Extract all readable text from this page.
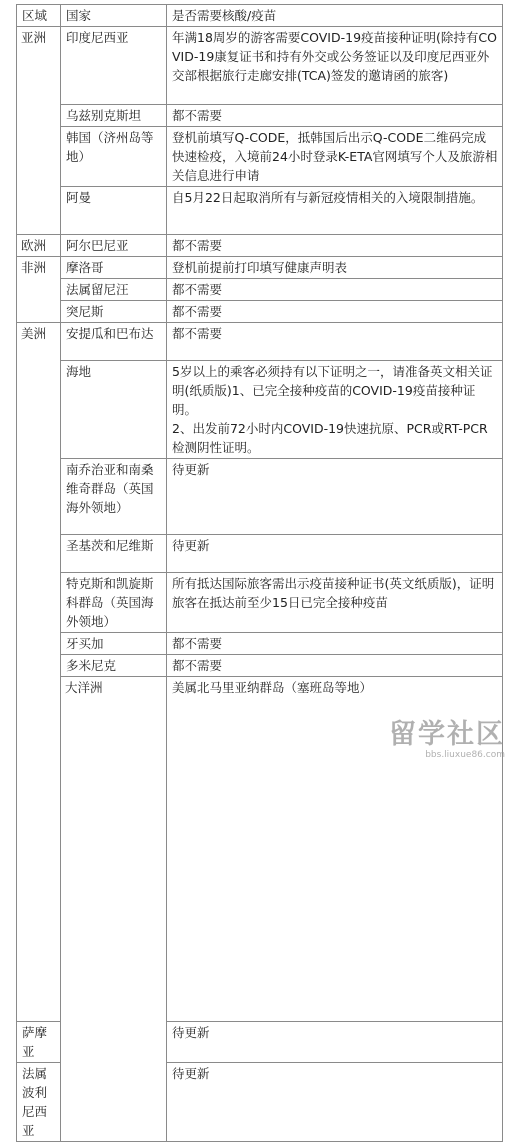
区域	国家	是否需要核酸/疫苗	
亚洲	印度尼西亚	年满18周岁的游客需要COVID-19疫苗接种证明(除持有COVID-19康复证书和持有外交或公务签证以及印度尼西亚外交部根据旅行走廊安排(TCA)签发的邀请函的旅客)	
	乌兹别克斯坦	都不需要	
	韩国（济州岛等地）	登机前填写Q-CODE，抵韩国后出示Q-CODE二维码完成快速检疫，入境前24小时登录K-ETA官网填写个人及旅游相关信息进行申请	
	阿曼	自5月22日起取消所有与新冠疫情相关的入境限制措施。	
欧洲	阿尔巴尼亚	都不需要	
非洲	摩洛哥	登机前提前打印填写健康声明表	
	法属留尼汪	都不需要	
	突尼斯	都不需要	
美洲	安提瓜和巴布达	都不需要	
	海地	5岁以上的乘客必须持有以下证明之一，请准备英文相关证明(纸质版)1、已完全接种疫苗的COVID-19疫苗接种证明。
2、出发前72小时内COVID-19快速抗原、PCR或RT-PCR检测阴性证明。	
	南乔治亚和南桑维奇群岛（英国海外领地）	待更新	
	圣基茨和尼维斯	待更新	
	特克斯和凯旋斯科群岛（英国海外领地）	所有抵达国际旅客需出示疫苗接种证书(英文纸质版)，证明旅客在抵达前至少15日已完全接种疫苗	
	牙买加	都不需要	
	多米尼克	都不需要	
	大洋洲	美属北马里亚纳群岛（塞班岛等地）	
萨摩亚		待更新	
法属波利尼西亚		待更新	
留学社区
bbs.liuxue86.com
